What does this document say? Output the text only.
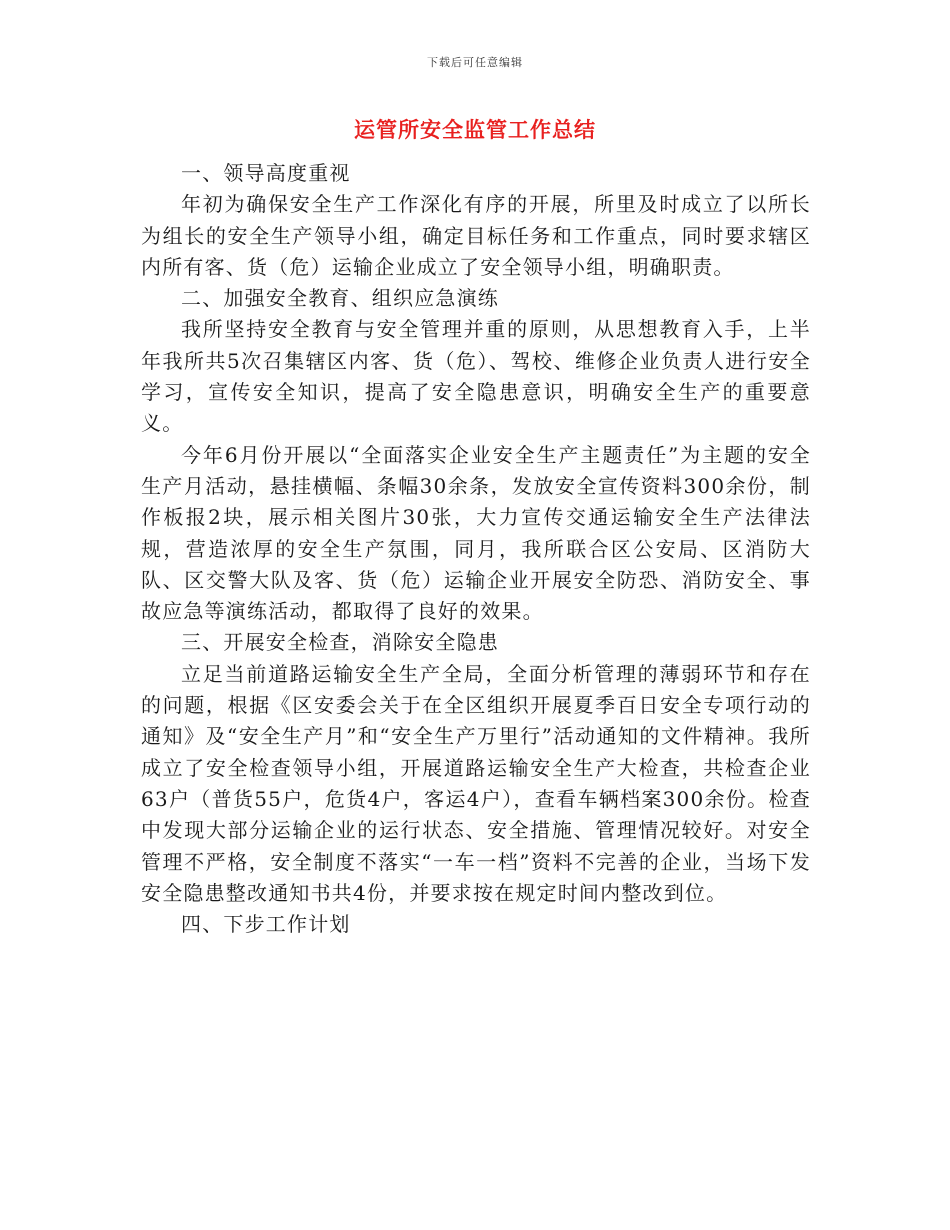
下载后可任意编辑
运管所安全监管工作总结

一、领导高度重视

年初为确保安全生产工作深化有序的开展，所里及时成立了以所长为组长的安全生产领导小组，确定目标任务和工作重点，同时要求辖区内所有客、货（危）运输企业成立了安全领导小组，明确职责。

二、加强安全教育、组织应急演练

我所坚持安全教育与安全管理并重的原则，从思想教育入手，上半年我所共5次召集辖区内客、货（危）、驾校、维修企业负责人进行安全学习，宣传安全知识，提高了安全隐患意识，明确安全生产的重要意义。

今年6月份开展以“全面落实企业安全生产主题责任”为主题的安全生产月活动，悬挂横幅、条幅30余条，发放安全宣传资料300余份，制作板报2块，展示相关图片30张，大力宣传交通运输安全生产法律法规，营造浓厚的安全生产氛围，同月，我所联合区公安局、区消防大队、区交警大队及客、货（危）运输企业开展安全防恐、消防安全、事故应急等演练活动，都取得了良好的效果。

三、开展安全检查，消除安全隐患

立足当前道路运输安全生产全局，全面分析管理的薄弱环节和存在的问题，根据《区安委会关于在全区组织开展夏季百日安全专项行动的通知》及“安全生产月”和“安全生产万里行”活动通知的文件精神。我所成立了安全检查领导小组，开展道路运输安全生产大检查，共检查企业63户（普货55户，危货4户，客运4户），查看车辆档案300余份。检查中发现大部分运输企业的运行状态、安全措施、管理情况较好。对安全管理不严格，安全制度不落实“一车一档”资料不完善的企业，当场下发安全隐患整改通知书共4份，并要求按在规定时间内整改到位。

四、下步工作计划
